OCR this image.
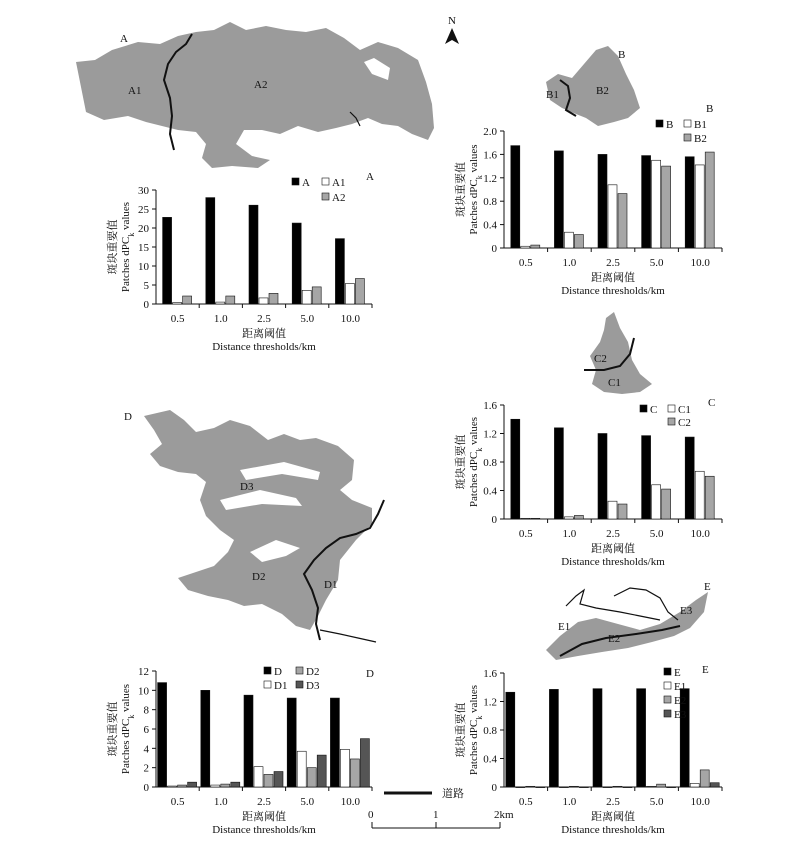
A
A1	A2
N
B
B1	B2
C2
C1
D
D3
D2
D1	E
E1
E2
E3
道路
0	1	2km
0
5
10
15
20
25
30
0.5	1.0	2.5	5.0 10.0
距离阈值
Distance thresholds/km
斑块重要值 Patches dPC$_k$ values
A
A A1
A2
0
0.4
0.8
1.2
1.6
2.0
0.5	1.0	2.5	5.0 10.0
距离阈值
Distance thresholds/km
斑块重要值 Patches dPC$_k$ values
B
B B1
B2
0
0.4
0.8
1.2
1.6
0.5	1.0	2.5	5.0 10.0
距离阈值
Distance thresholds/km
斑块重要值 Patches dPC$_k$ values
C
C C1
C2
0
2
4
6
8
10
12
0.5	1.0	2.5	5.0 10.0
距离阈值
Distance thresholds/km
斑块重要值 Patches dPC$_k$ values
D
D D2
D1 D3
0
0.4
0.8
1.2
1.6
0.5	1.0	2.5	5.0 10.0
距离阈值
Distance thresholds/km
斑块重要值 Patches dPC$_k$ values
E
E
E1
E2
E3
